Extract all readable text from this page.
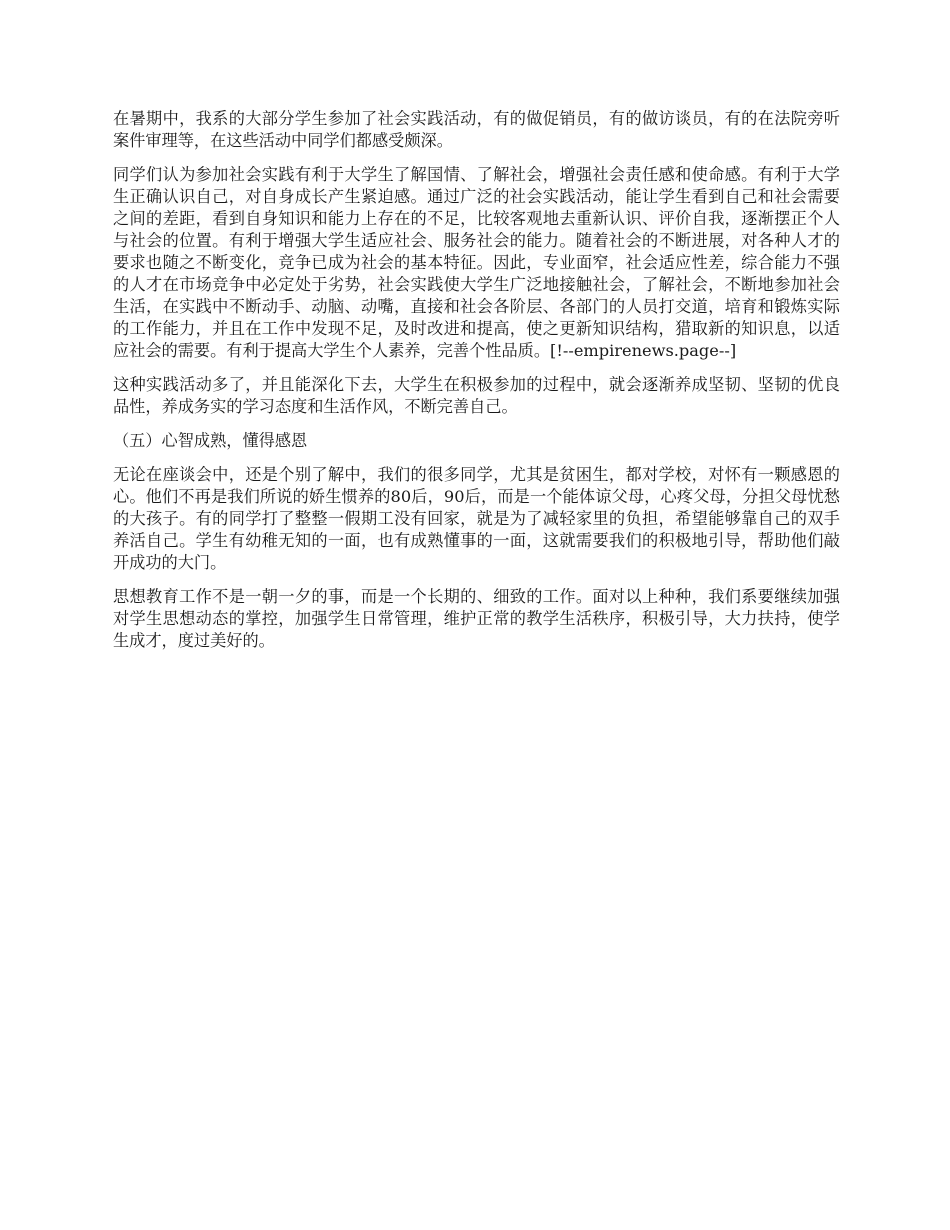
在暑期中，我系的大部分学生参加了社会实践活动，有的做促销员，有的做访谈员，有的在法院旁听案件审理等，在这些活动中同学们都感受颇深。

同学们认为参加社会实践有利于大学生了解国情、了解社会，增强社会责任感和使命感。有利于大学生正确认识自己，对自身成长产生紧迫感。通过广泛的社会实践活动，能让学生看到自己和社会需要之间的差距，看到自身知识和能力上存在的不足，比较客观地去重新认识、评价自我，逐渐摆正个人与社会的位置。有利于增强大学生适应社会、服务社会的能力。随着社会的不断进展，对各种人才的要求也随之不断变化，竞争已成为社会的基本特征。因此，专业面窄，社会适应性差，综合能力不强的人才在市场竞争中必定处于劣势，社会实践使大学生广泛地接触社会，了解社会，不断地参加社会生活，在实践中不断动手、动脑、动嘴，直接和社会各阶层、各部门的人员打交道，培育和锻炼实际的工作能力，并且在工作中发现不足，及时改进和提高，使之更新知识结构，猎取新的知识息，以适应社会的需要。有利于提高大学生个人素养，完善个性品质。[!--empirenews.page--]

这种实践活动多了，并且能深化下去，大学生在积极参加的过程中，就会逐渐养成坚韧、坚韧的优良品性，养成务实的学习态度和生活作风，不断完善自己。

（五）心智成熟，懂得感恩

无论在座谈会中，还是个别了解中，我们的很多同学，尤其是贫困生，都对学校，对怀有一颗感恩的心。他们不再是我们所说的娇生惯养的80后，90后，而是一个能体谅父母，心疼父母，分担父母忧愁的大孩子。有的同学打了整整一假期工没有回家，就是为了减轻家里的负担，希望能够靠自己的双手养活自己。学生有幼稚无知的一面，也有成熟懂事的一面，这就需要我们的积极地引导，帮助他们敲开成功的大门。

思想教育工作不是一朝一夕的事，而是一个长期的、细致的工作。面对以上种种，我们系要继续加强对学生思想动态的掌控，加强学生日常管理，维护正常的教学生活秩序，积极引导，大力扶持，使学生成才，度过美好的。
